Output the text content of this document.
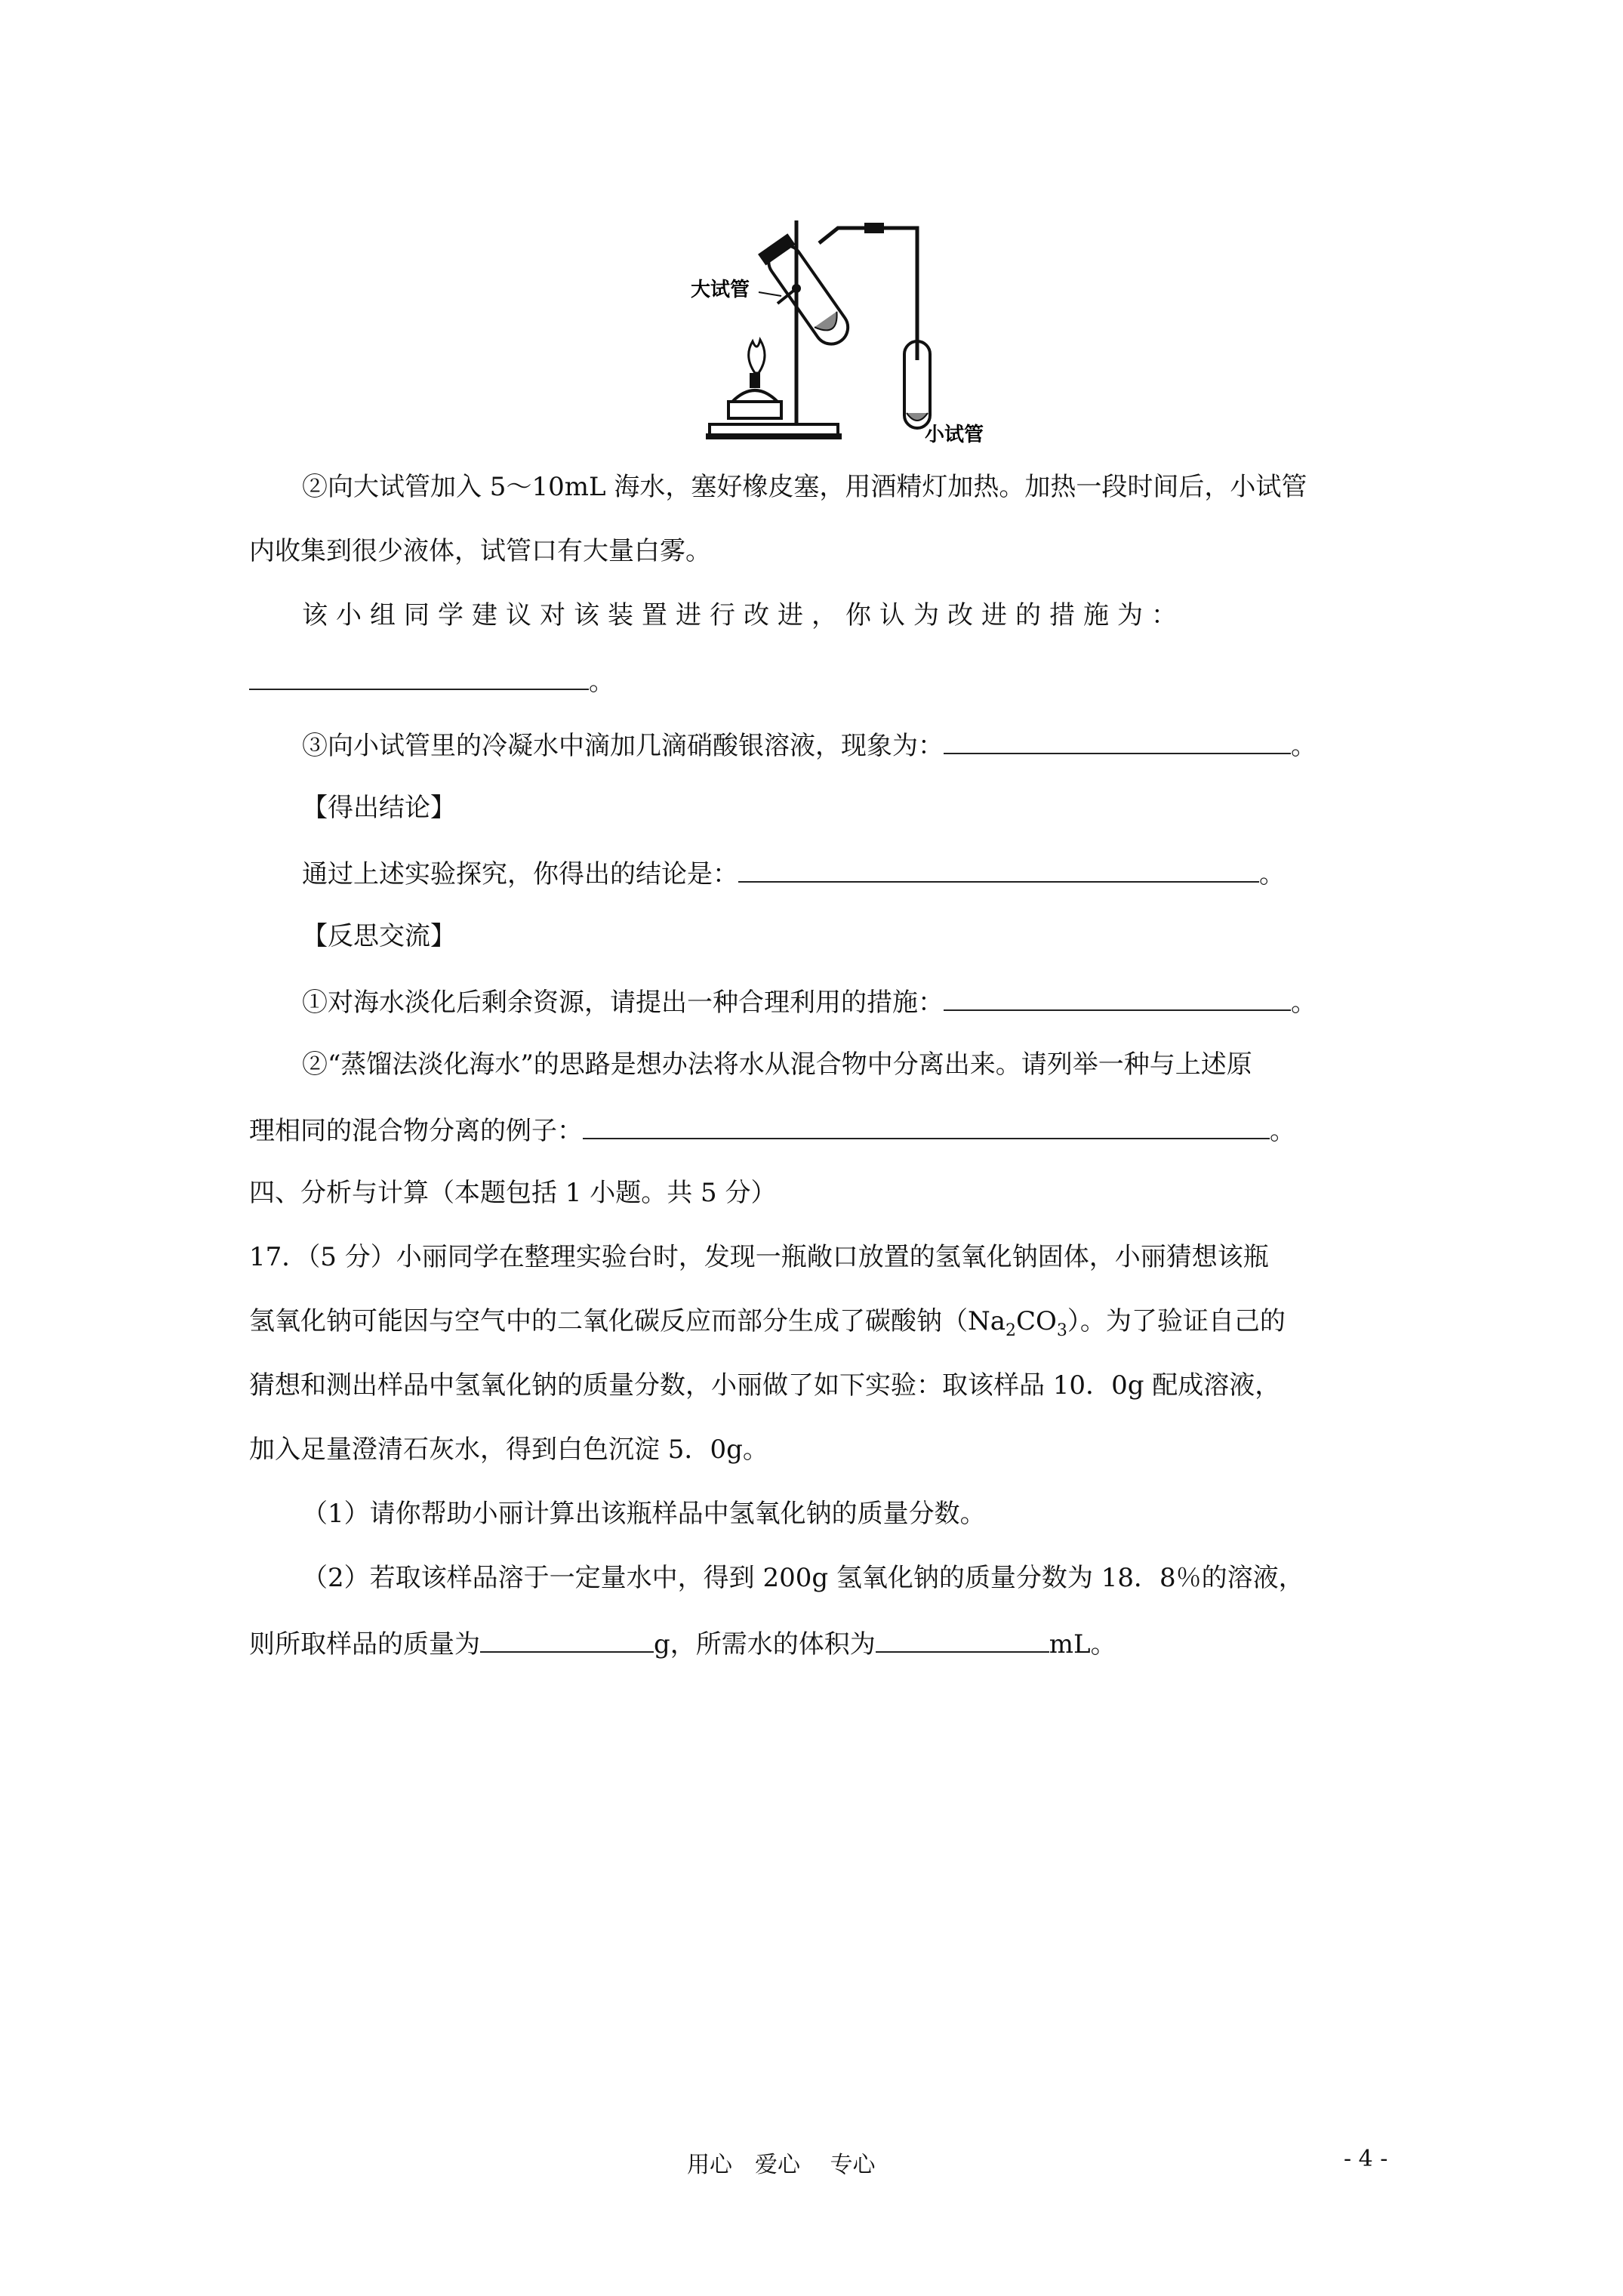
大试管
小试管
②向大试管加入 5～10mL 海水，塞好橡皮塞，用酒精灯加热。加热一段时间后，小试管
内收集到很少液体，试管口有大量白雾。
该小组同学建议对该装置进行改进，你认为改进的措施为：
。
③向小试管里的冷凝水中滴加几滴硝酸银溶液，现象为：	。
【得出结论】
通过上述实验探究，你得出的结论是：	。
【反思交流】
①对海水淡化后剩余资源，请提出一种合理利用的措施：	。
②“蒸馏法淡化海水”的思路是想办法将水从混合物中分离出来。请列举一种与上述原
理相同的混合物分离的例子：	。
四、分析与计算（本题包括 1 小题。共 5 分）
17．（5 分）小丽同学在整理实验台时，发现一瓶敞口放置的氢氧化钠固体，小丽猜想该瓶
氢氧化钠可能因与空气中的二氧化碳反应而部分生成了碳酸钠$(Na_2CO_3)$。为了验证自己的
猜想和测出样品中氢氧化钠的质量分数，小丽做了如下实验：取该样品 10．0g 配成溶液，
加入足量澄清石灰水，得到白色沉淀 5．0g。
（1）请你帮助小丽计算出该瓶样品中氢氧化钠的质量分数。
（2）若取该样品溶于一定量水中，得到 200g 氢氧化钠的质量分数为 18．8％的溶液，
则所取样品的质量为	g，所需水的体积为	mL。
用心　爱心　 专心	- 4 -
